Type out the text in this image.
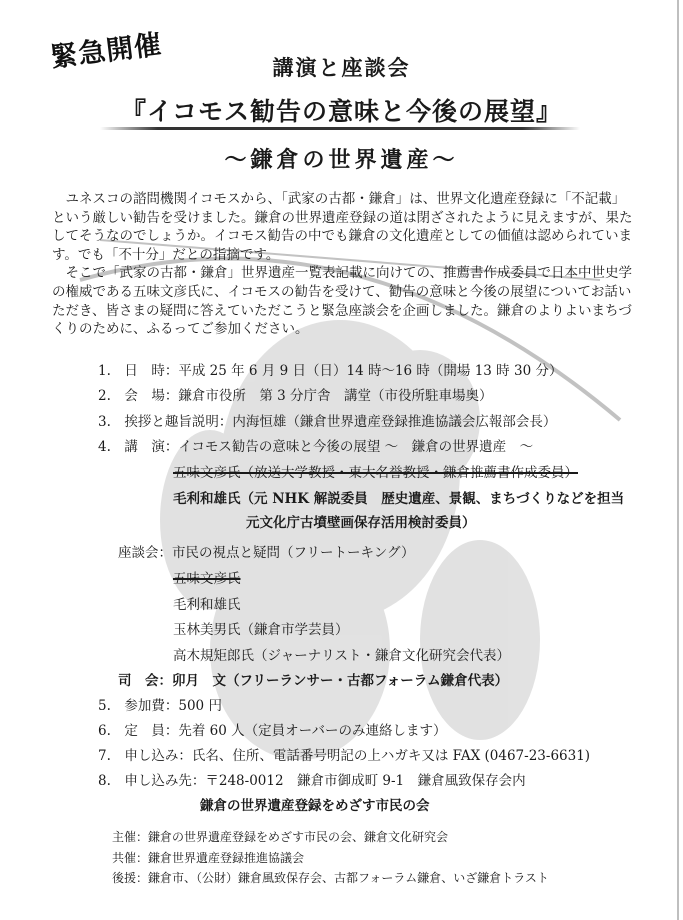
緊急開催	講演と座談会
『イコモス勧告の意味と今後の展望』
～鎌倉の世界遺産～

ユネスコの諮問機関イコモスから、「武家の古都・鎌倉」は、世界文化遺産登録に「不記載」という厳しい勧告を受けました。鎌倉の世界遺産登録の道は閉ざされたように見えますが、果たしてそうなのでしょうか。イコモス勧告の中でも鎌倉の文化遺産としての価値は認められています。でも「不十分」だとの指摘です。

そこで「武家の古都・鎌倉」世界遺産一覧表記載に向けての、推薦書作成委員で日本中世史学の権威である五味文彦氏に、イコモスの勧告を受けて、勧告の意味と今後の展望についてお話いただき、皆さまの疑問に答えていただこうと緊急座談会を企画しました。鎌倉のよりよいまちづくりのために、ふるってご参加ください。

1.　日　時：平成 25 年 6 月 9 日（日）14 時～16 時（開場 13 時 30 分）
2.　会　場：鎌倉市役所　第 3 分庁舎　講堂（市役所駐車場奥）
3.　挨拶と趣旨説明：内海恒雄（鎌倉世界遺産登録推進協議会広報部会長）
4.　講　演：イコモス勧告の意味と今後の展望 ～　鎌倉の世界遺産　～
五味文彦氏（放送大学教授・東大名誉教授・鎌倉推薦書作成委員）
毛利和雄氏（元 NHK 解説委員　歴史遺産、景観、まちづくりなどを担当
元文化庁古墳壁画保存活用検討委員）
座談会：市民の視点と疑問（フリートーキング）
五味文彦氏
毛利和雄氏
玉林美男氏（鎌倉市学芸員）
高木規矩郎氏（ジャーナリスト・鎌倉文化研究会代表）
司　会：卯月　文（フリーランサー・古都フォーラム鎌倉代表）
5.　参加費：500 円
6.　定　員：先着 60 人（定員オーバーのみ連絡します）
7.　申し込み：氏名、住所、電話番号明記の上ハガキ又は FAX (0467-23-6631)
8.　申し込み先：〒248-0012　鎌倉市御成町 9-1　鎌倉風致保存会内
鎌倉の世界遺産登録をめざす市民の会
主催：鎌倉の世界遺産登録をめざす市民の会、鎌倉文化研究会
共催：鎌倉世界遺産登録推進協議会
後援：鎌倉市、（公財）鎌倉風致保存会、古都フォーラム鎌倉、いざ鎌倉トラスト
